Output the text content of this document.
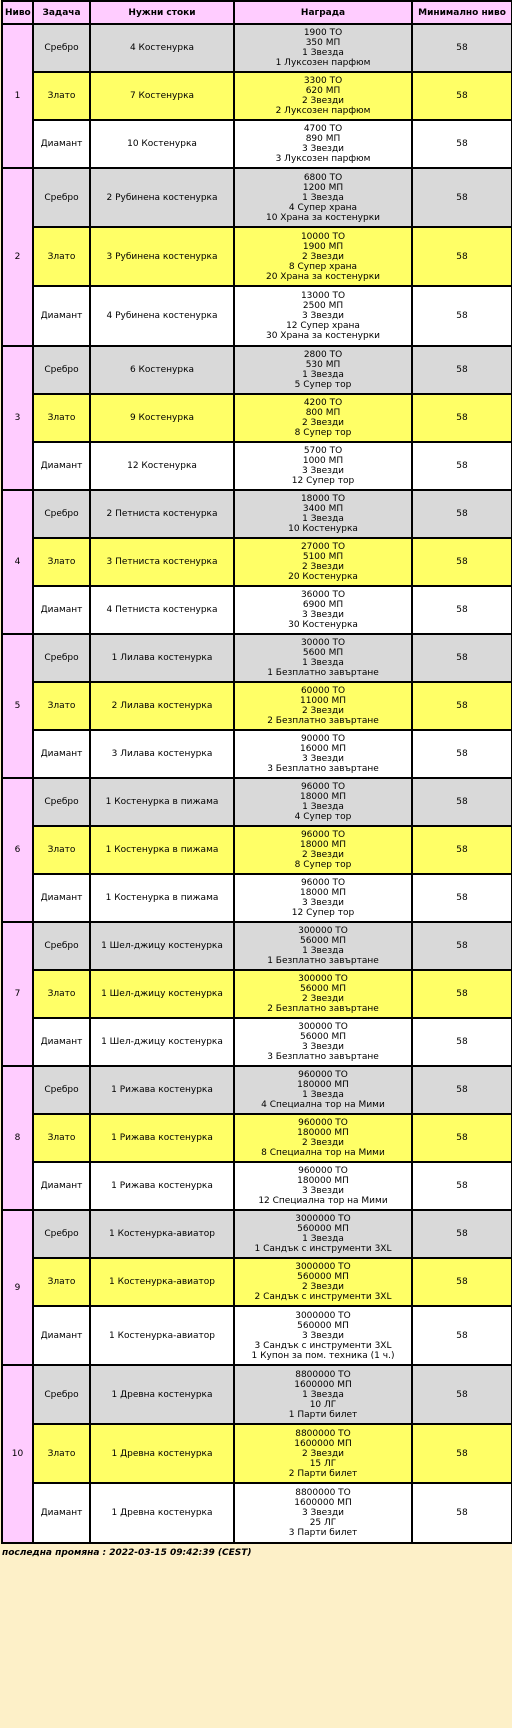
Ниво	Задача	Нужни стоки	Награда	Минимално ниво
1	Сребро	4 Костенурка	1900 ТО
350 МП
1 Звезда
1 Луксозен парфюм	58
	Злато	7 Костенурка	3300 ТО
620 МП
2 Звезди
2 Луксозен парфюм	58
	Диамант	10 Костенурка	4700 ТО
890 МП
3 Звезди
3 Луксозен парфюм	58
2	Сребро	2 Рубинена костенурка	6800 ТО
1200 МП
1 Звезда
4 Супер храна
10 Храна за костенурки	58
	Злато	3 Рубинена костенурка	10000 ТО
1900 МП
2 Звезди
8 Супер храна
20 Храна за костенурки	58
	Диамант	4 Рубинена костенурка	13000 ТО
2500 МП
3 Звезди
12 Супер храна
30 Храна за костенурки	58
3	Сребро	6 Костенурка	2800 ТО
530 МП
1 Звезда
5 Супер тор	58
	Злато	9 Костенурка	4200 ТО
800 МП
2 Звезди
8 Супер тор	58
	Диамант	12 Костенурка	5700 ТО
1000 МП
3 Звезди
12 Супер тор	58
4	Сребро	2 Петниста костенурка	18000 ТО
3400 МП
1 Звезда
10 Костенурка	58
	Злато	3 Петниста костенурка	27000 ТО
5100 МП
2 Звезди
20 Костенурка	58
	Диамант	4 Петниста костенурка	36000 ТО
6900 МП
3 Звезди
30 Костенурка	58
5	Сребро	1 Лилава костенурка	30000 ТО
5600 МП
1 Звезда
1 Безплатно завъртане	58
	Злато	2 Лилава костенурка	60000 ТО
11000 МП
2 Звезди
2 Безплатно завъртане	58
	Диамант	3 Лилава костенурка	90000 ТО
16000 МП
3 Звезди
3 Безплатно завъртане	58
6	Сребро	1 Костенурка в пижама	96000 ТО
18000 МП
1 Звезда
4 Супер тор	58
	Злато	1 Костенурка в пижама	96000 ТО
18000 МП
2 Звезди
8 Супер тор	58
	Диамант	1 Костенурка в пижама	96000 ТО
18000 МП
3 Звезди
12 Супер тор	58
7	Сребро	1 Шел-джицу костенурка	300000 ТО
56000 МП
1 Звезда
1 Безплатно завъртане	58
	Злато	1 Шел-джицу костенурка	300000 ТО
56000 МП
2 Звезди
2 Безплатно завъртане	58
	Диамант	1 Шел-джицу костенурка	300000 ТО
56000 МП
3 Звезди
3 Безплатно завъртане	58
8	Сребро	1 Рижава костенурка	960000 ТО
180000 МП
1 Звезда
4 Специална тор на Мими	58
	Злато	1 Рижава костенурка	960000 ТО
180000 МП
2 Звезди
8 Специална тор на Мими	58
	Диамант	1 Рижава костенурка	960000 ТО
180000 МП
3 Звезди
12 Специална тор на Мими	58
9	Сребро	1 Костенурка-авиатор	3000000 ТО
560000 МП
1 Звезда
1 Сандък с инструменти 3XL	58
	Злато	1 Костенурка-авиатор	3000000 ТО
560000 МП
2 Звезди
2 Сандък с инструменти 3XL	58
	Диамант	1 Костенурка-авиатор	3000000 ТО
560000 МП
3 Звезди
3 Сандък с инструменти 3XL
1 Купон за пом. техника (1 ч.)	58
10	Сребро	1 Древна костенурка	8800000 ТО
1600000 МП
1 Звезда
10 ЛГ
1 Парти билет	58
	Злато	1 Древна костенурка	8800000 ТО
1600000 МП
2 Звезди
15 ЛГ
2 Парти билет	58
	Диамант	1 Древна костенурка	8800000 ТО
1600000 МП
3 Звезди
25 ЛГ
3 Парти билет	58
последна промяна : 2022-03-15 09:42:39 (CEST)
